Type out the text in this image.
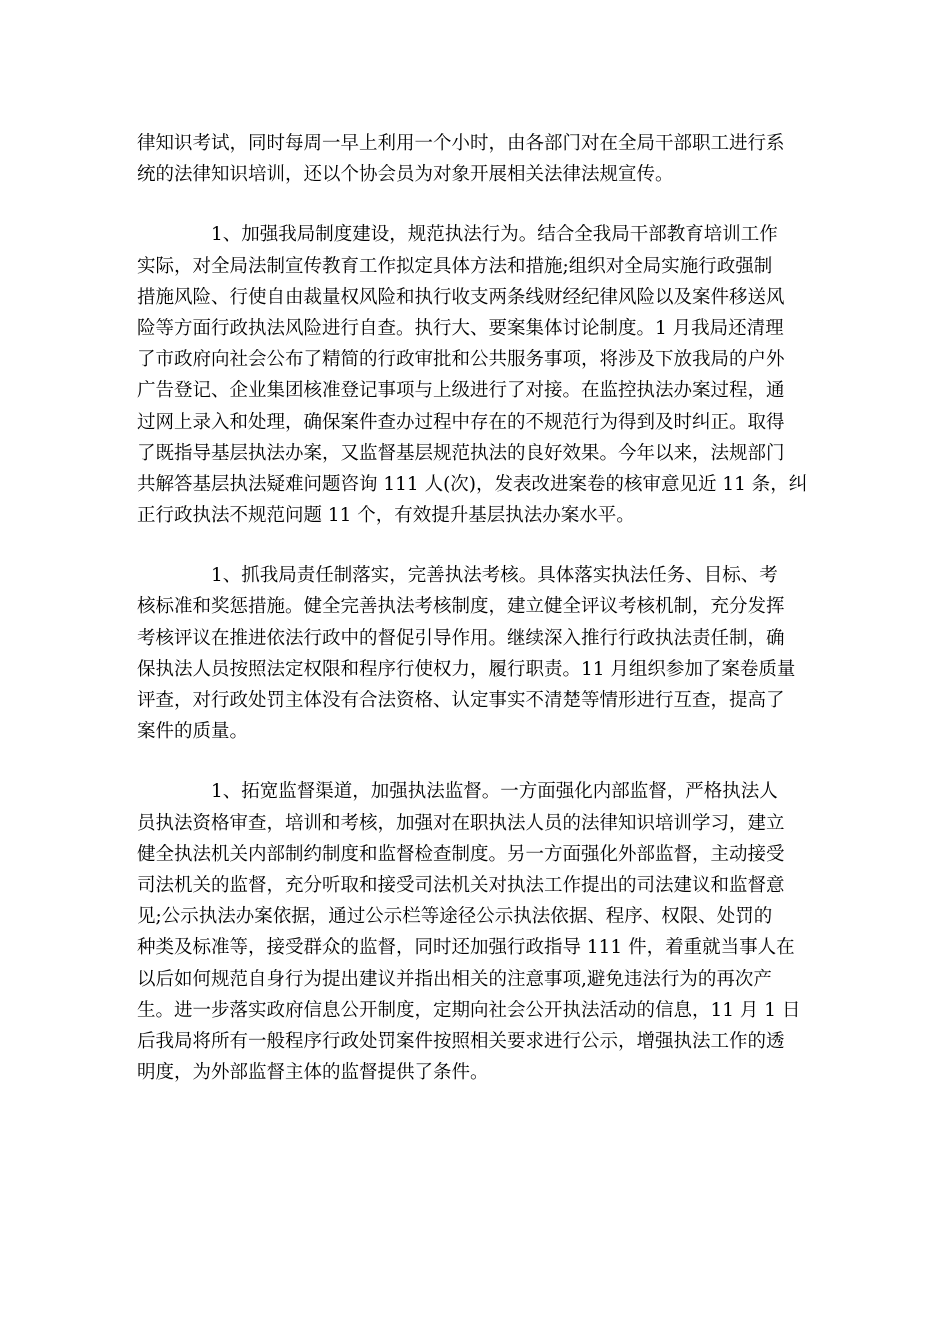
律知识考试，同时每周一早上利用一个小时，由各部门对在全局干部职工进行系
统的法律知识培训，还以个协会员为对象开展相关法律法规宣传。
1、加强我局制度建设，规范执法行为。结合全我局干部教育培训工作
实际，对全局法制宣传教育工作拟定具体方法和措施;组织对全局实施行政强制
措施风险、行使自由裁量权风险和执行收支两条线财经纪律风险以及案件移送风
险等方面行政执法风险进行自查。执行大、要案集体讨论制度。1 月我局还清理
了市政府向社会公布了精简的行政审批和公共服务事项，将涉及下放我局的户外
广告登记、企业集团核准登记事项与上级进行了对接。在监控执法办案过程，通
过网上录入和处理，确保案件查办过程中存在的不规范行为得到及时纠正。取得
了既指导基层执法办案，又监督基层规范执法的良好效果。今年以来，法规部门
共解答基层执法疑难问题咨询 111 人(次)，发表改进案卷的核审意见近 11 条，纠
正行政执法不规范问题 11 个，有效提升基层执法办案水平。
1、抓我局责任制落实，完善执法考核。具体落实执法任务、目标、考
核标准和奖惩措施。健全完善执法考核制度，建立健全评议考核机制，充分发挥
考核评议在推进依法行政中的督促引导作用。继续深入推行行政执法责任制，确
保执法人员按照法定权限和程序行使权力，履行职责。11 月组织参加了案卷质量
评查，对行政处罚主体没有合法资格、认定事实不清楚等情形进行互查，提高了
案件的质量。
1、拓宽监督渠道，加强执法监督。一方面强化内部监督，严格执法人
员执法资格审查，培训和考核，加强对在职执法人员的法律知识培训学习，建立
健全执法机关内部制约制度和监督检查制度。另一方面强化外部监督，主动接受
司法机关的监督，充分听取和接受司法机关对执法工作提出的司法建议和监督意
见;公示执法办案依据，通过公示栏等途径公示执法依据、程序、权限、处罚的
种类及标准等，接受群众的监督，同时还加强行政指导 111 件，着重就当事人在
以后如何规范自身行为提出建议并指出相关的注意事项,避免违法行为的再次产
生。进一步落实政府信息公开制度，定期向社会公开执法活动的信息，11 月 1 日
后我局将所有一般程序行政处罚案件按照相关要求进行公示，增强执法工作的透
明度，为外部监督主体的监督提供了条件。
